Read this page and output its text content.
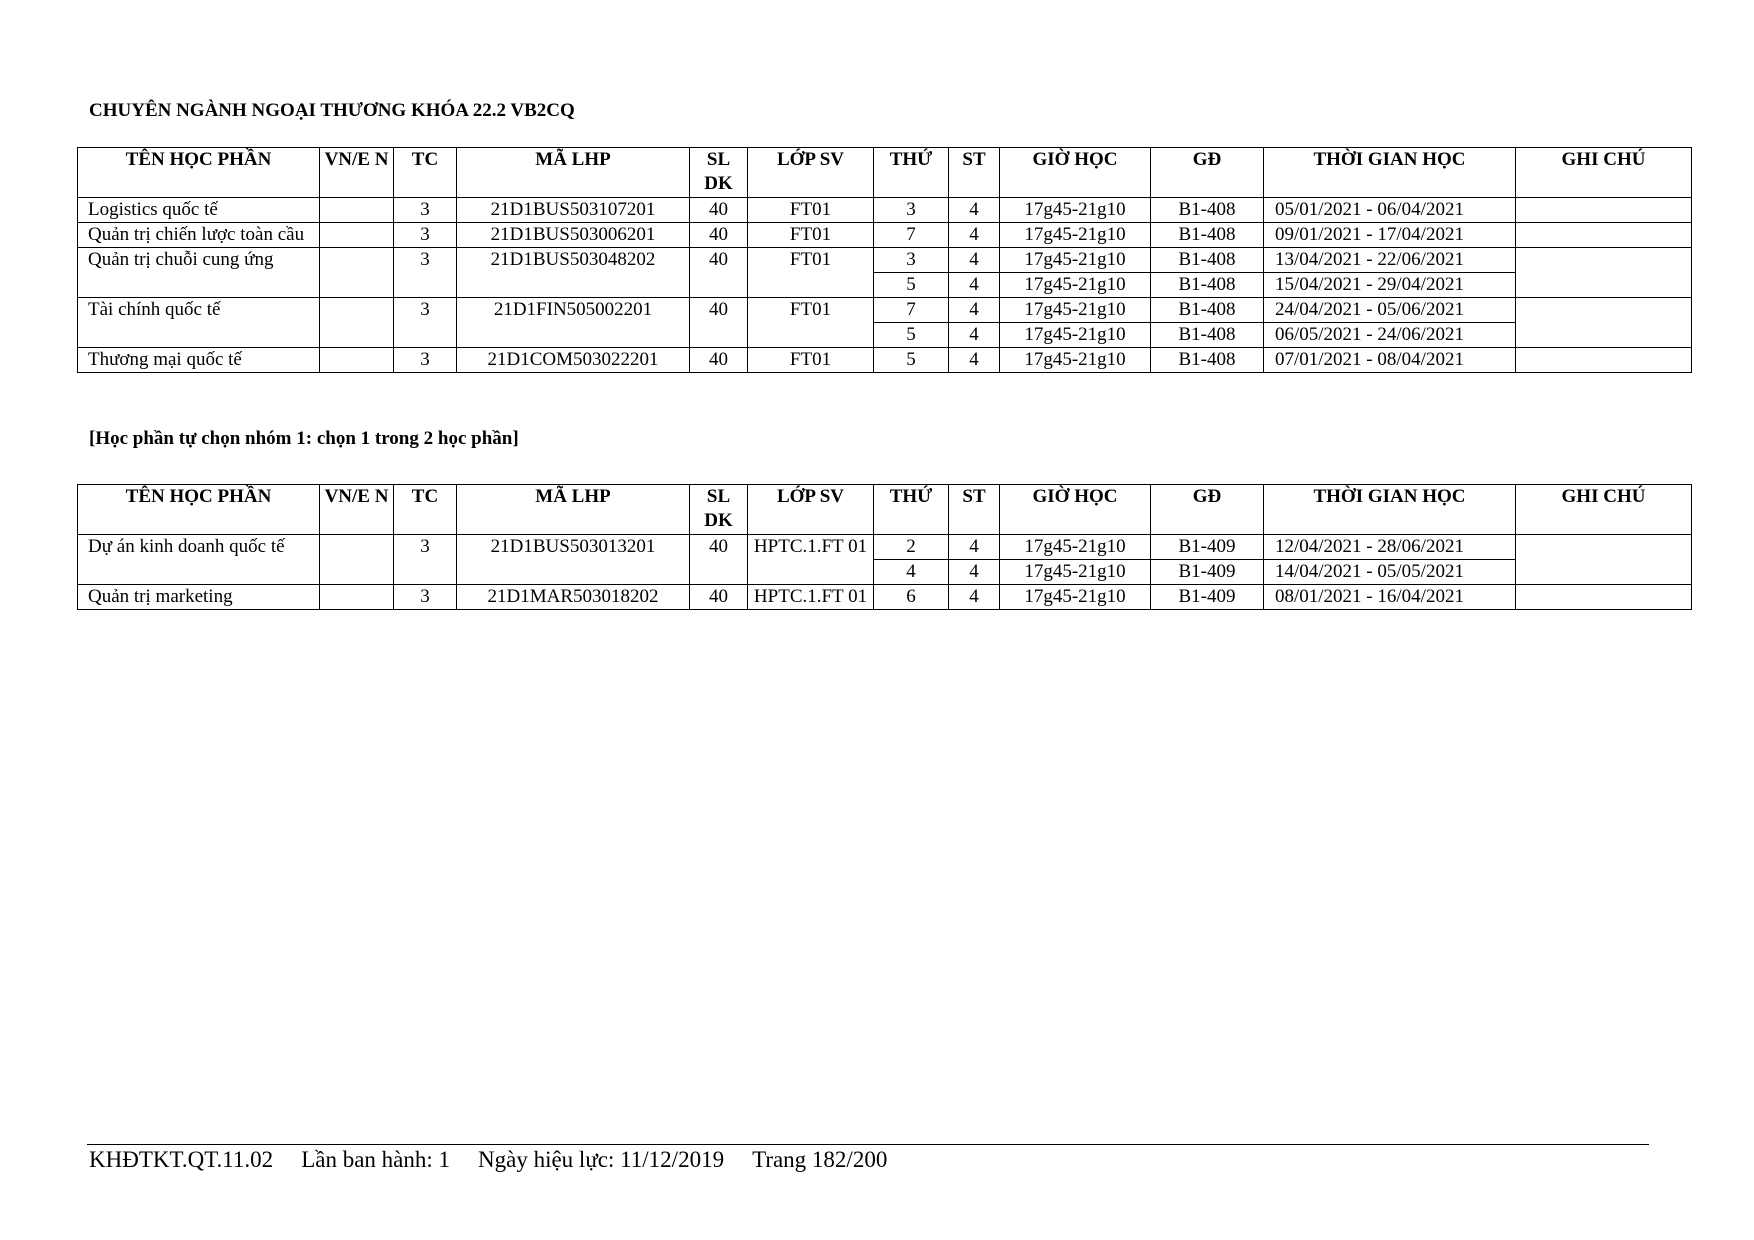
CHUYÊN NGÀNH NGOẠI THƯƠNG KHÓA 22.2 VB2CQ
TÊN HỌC PHẦN	VN/E N	TC	MÃ LHP	SL DK	LỚP SV	THỨ	ST	GIỜ HỌC	GĐ	THỜI GIAN HỌC	GHI CHÚ
Logistics quốc tế		3	21D1BUS503107201	40	FT01	3	4	17g45-21g10	B1-408	05/01/2021 - 06/04/2021	
Quản trị chiến lược toàn cầu		3	21D1BUS503006201	40	FT01	7	4	17g45-21g10	B1-408	09/01/2021 - 17/04/2021	
Quản trị chuỗi cung ứng		3	21D1BUS503048202	40	FT01	3	4	17g45-21g10	B1-408	13/04/2021 - 22/06/2021	
						5	4	17g45-21g10	B1-408	15/04/2021 - 29/04/2021	
Tài chính quốc tế		3	21D1FIN505002201	40	FT01	7	4	17g45-21g10	B1-408	24/04/2021 - 05/06/2021	
						5	4	17g45-21g10	B1-408	06/05/2021 - 24/06/2021	
Thương mại quốc tế		3	21D1COM503022201	40	FT01	5	4	17g45-21g10	B1-408	07/01/2021 - 08/04/2021	
[Học phần tự chọn nhóm 1: chọn 1 trong 2 học phần]
TÊN HỌC PHẦN	VN/E N	TC	MÃ LHP	SL DK	LỚP SV	THỨ	ST	GIỜ HỌC	GĐ	THỜI GIAN HỌC	GHI CHÚ
Dự án kinh doanh quốc tế		3	21D1BUS503013201	40	HPTC.1.FT 01	2	4	17g45-21g10	B1-409	12/04/2021 - 28/06/2021	
						4	4	17g45-21g10	B1-409	14/04/2021 - 05/05/2021	
Quản trị marketing		3	21D1MAR503018202	40	HPTC.1.FT 01	6	4	17g45-21g10	B1-409	08/01/2021 - 16/04/2021	
KHĐTKT.QT.11.02 Lần ban hành: 1 Ngày hiệu lực: 11/12/2019 Trang 182/200
